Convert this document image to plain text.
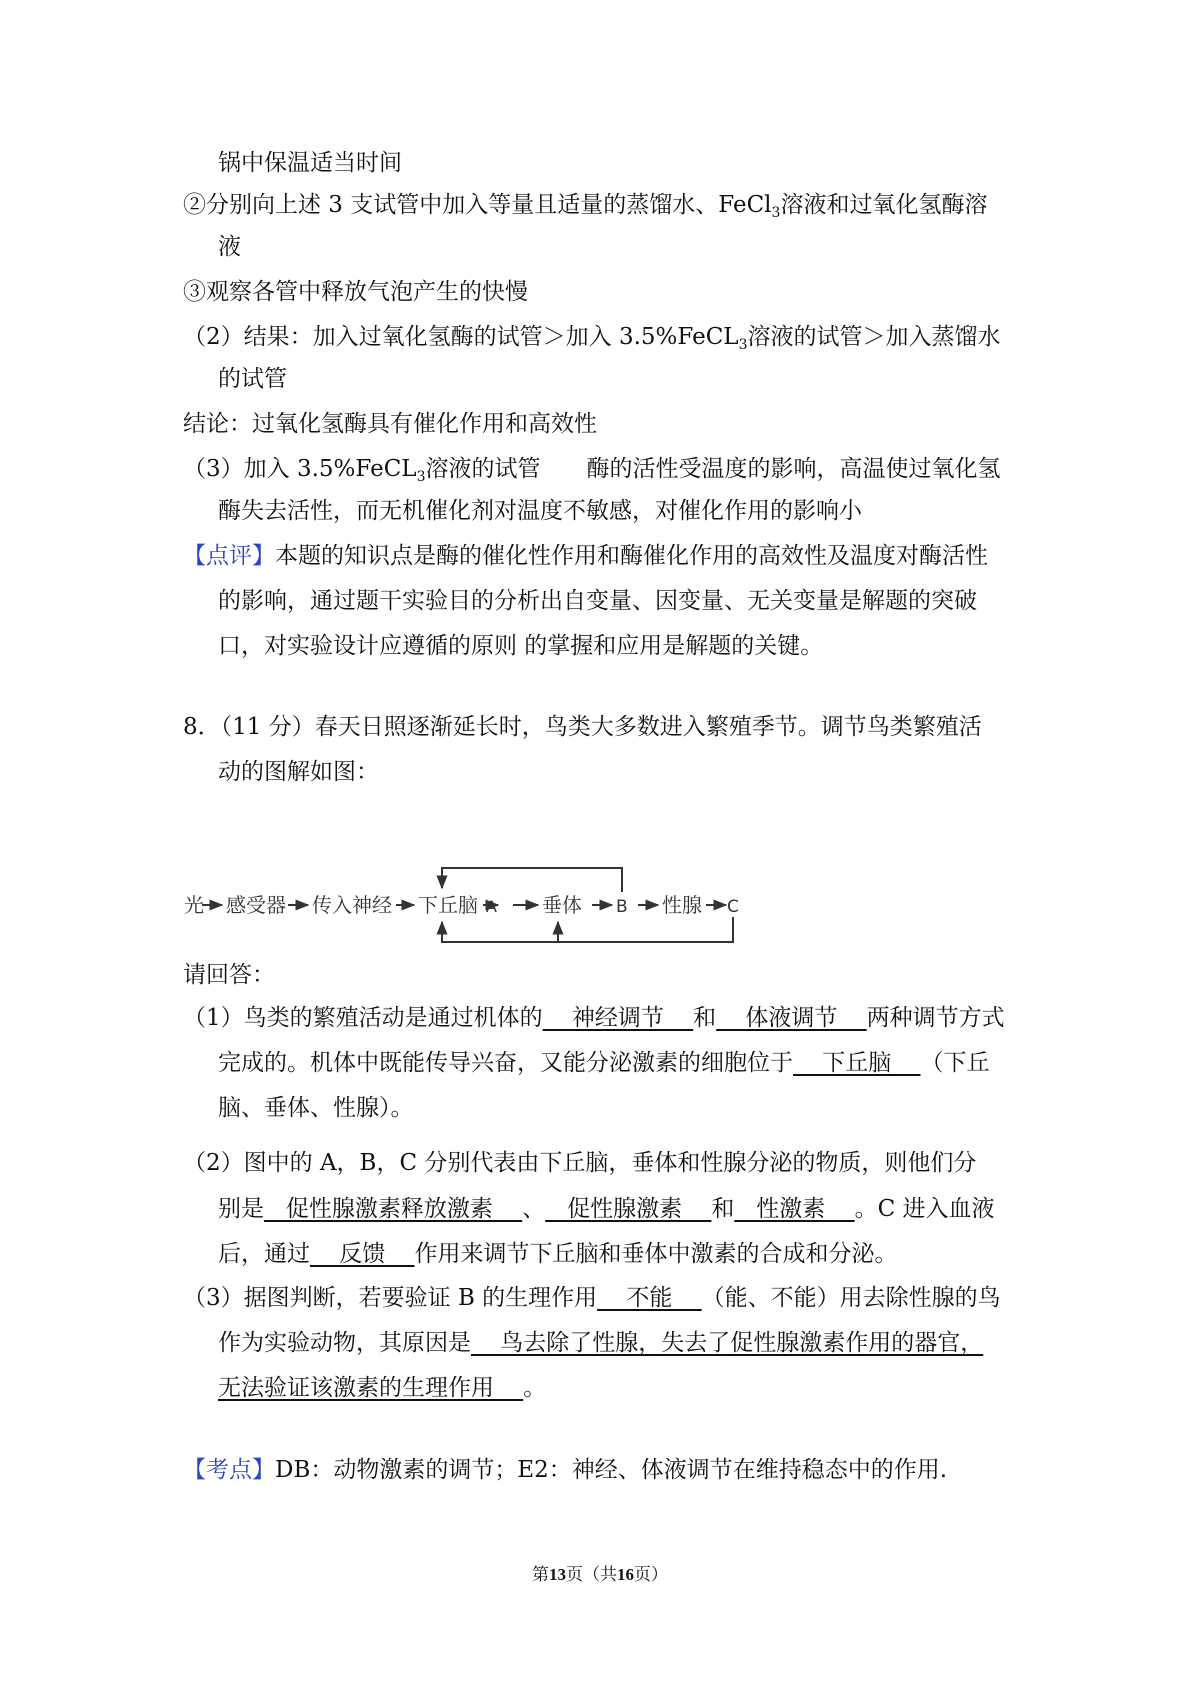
锅中保温适当时间
②分别向上述 3 支试管中加入等量且适量的蒸馏水、FeCl$_3$溶液和过氧化氢酶溶
液
③观察各管中释放气泡产生的快慢
（2）结果：加入过氧化氢酶的试管＞加入 3.5%FeCL$_3$溶液的试管＞加入蒸馏水
的试管
结论：过氧化氢酶具有催化作用和高效性
（3）加入 3.5%FeCL$_3$溶液的试管　　酶的活性受温度的影响，高温使过氧化氢
酶失去活性，而无机催化剂对温度不敏感，对催化作用的影响小
【点评】本题的知识点是酶的催化性作用和酶催化作用的高效性及温度对酶活性
的影响，通过题干实验目的分析出自变量、因变量、无关变量是解题的突破
口，对实验设计应遵循的原则 的掌握和应用是解题的关键。
8．（11 分）春天日照逐渐延长时，鸟类大多数进入繁殖季节。调节鸟类繁殖活
动的图解如图：
光 感受器 传入神经 下丘脑 A 垂体 B 性腺 C
请回答：
（1）鸟类的繁殖活动是通过机体的    神经调节    和    体液调节    两种调节方式
完成的。机体中既能传导兴奋，又能分泌激素的细胞位于    下丘脑    （下丘
脑、垂体、性腺）。
（2）图中的 A，B，C 分别代表由下丘脑，垂体和性腺分泌的物质，则他们分
别是   促性腺激素释放激素    、   促性腺激素    和   性激素    。C 进入血液
后，通过    反馈    作用来调节下丘脑和垂体中激素的合成和分泌。
（3）据图判断，若要验证 B 的生理作用    不能    （能、不能）用去除性腺的鸟
作为实验动物，其原因是    鸟去除了性腺，失去了促性腺激素作用的器官，
无法验证该激素的生理作用    。
【考点】DB：动物激素的调节；E2：神经、体液调节在维持稳态中的作用.
第13页（共16页）
